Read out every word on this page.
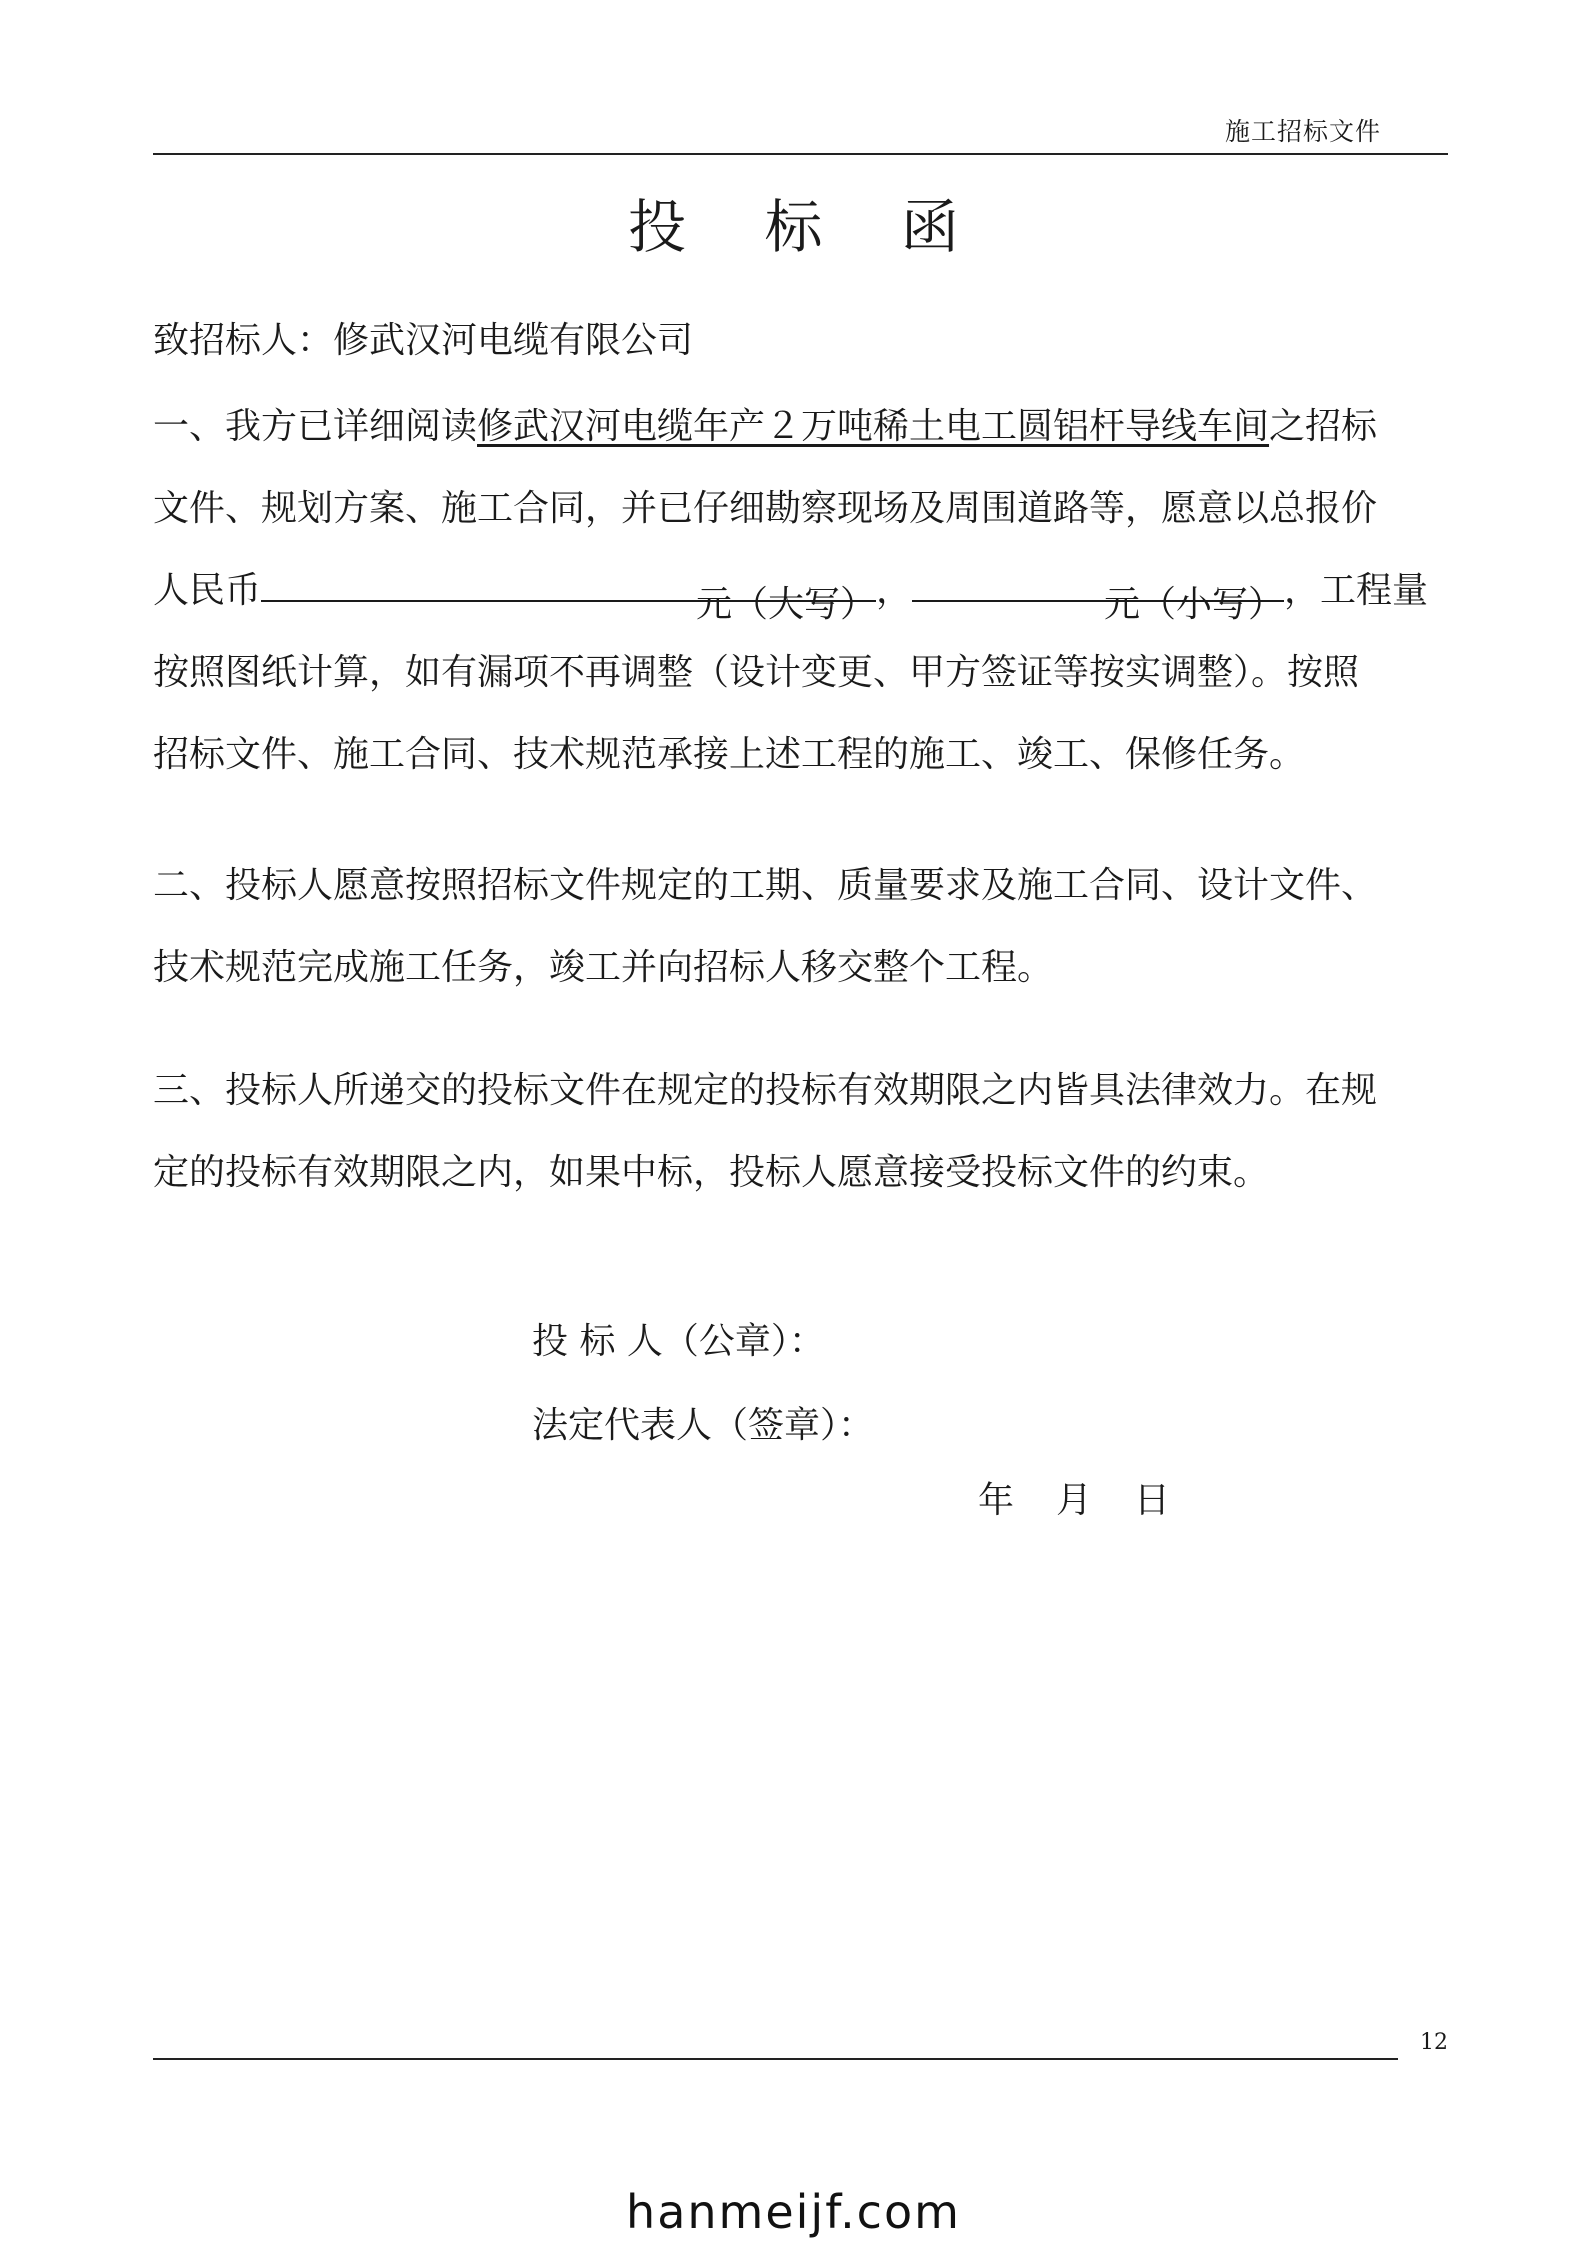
施工招标文件
投 标 函
致招标人：修武汉河电缆有限公司
一、我方已详细阅读修武汉河电缆年产２万吨稀土电工圆铝杆导线车间之招标
文件、规划方案、施工合同，并已仔细勘察现场及周围道路等，愿意以总报价
人民币	元（大写） ，	元（小写） ，工程量
按照图纸计算，如有漏项不再调整（设计变更、甲方签证等按实调整）。按照
招标文件、施工合同、技术规范承接上述工程的施工、竣工、保修任务。
二、投标人愿意按照招标文件规定的工期、质量要求及施工合同、设计文件、
技术规范完成施工任务，竣工并向招标人移交整个工程。
三、投标人所递交的投标文件在规定的投标有效期限之内皆具法律效力。在规
定的投标有效期限之内，如果中标，投标人愿意接受投标文件的约束。
投 标 人（公章）：
法定代表人（签章）：
年 月 日
12
hanmeijf.com
